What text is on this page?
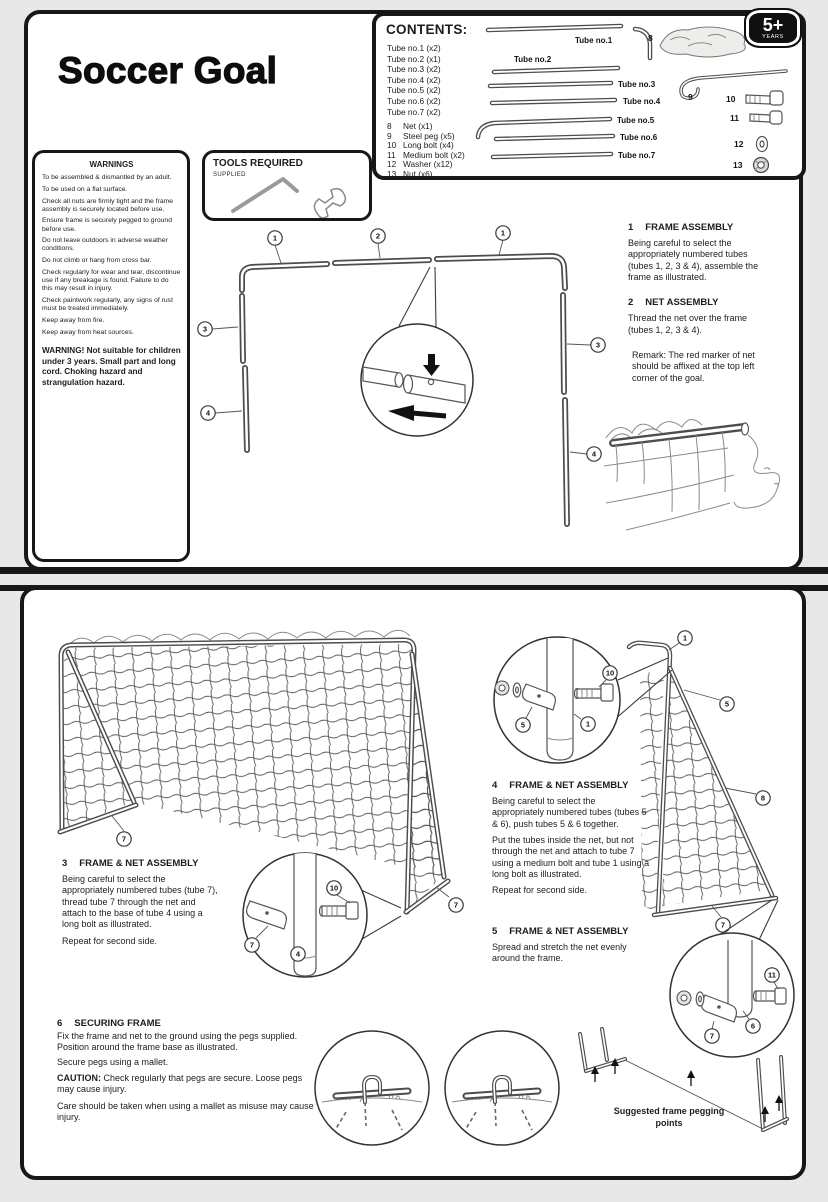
1	2	1
3
4
3
4
Soccer Goal
WARNINGS

To be assembled & dismantled by an adult.

To be used on a flat surface.

Check all nuts are firmly tight and the frame assembly is securely located before use.

Ensure frame is securely pegged to ground before use.

Do not leave outdoors in adverse weather conditions.

Do not climb or hang from cross bar.

Check regularly for wear and tear, discontinue use if any breakage is found. Failure to do this may result in injury.

Check paintwork regularly, any signs of rust must be treated immediately.

Keep away from fire.

Keep away from heat sources.

WARNING! Not suitable for children under 3 years. Small part and long cord. Choking hazard and strangulation hazard.

TOOLS REQUIRED
SUPPLIED
1 FRAME ASSEMBLY

Being careful to select the appropriately numbered tubes (tubes 1, 2, 3 & 4), assemble the frame as illustrated.

2 NET ASSEMBLY

Thread the net over the frame (tubes 1, 2, 3 & 4).

Remark: The red marker of net should be affixed at the top left corner of the goal.

CONTENTS:
Tube no.1 (x2)
Tube no.2 (x1)
Tube no.3 (x2)
Tube no.4 (x2)
Tube no.5 (x2)
Tube no.6 (x2)
Tube no.7 (x2)
8	Net (x1)
9	Steel peg (x5)
10 Long bolt (x4)
11 Medium bolt (x2)
12 Washer (x12)
13 Nut (x6)
Tube no.1
Tube no.2
Tube no.3
Tube no.4
Tube no.5
Tube no.6
Tube no.7
8
9	10
11
12
13
5+
YEARS
7
7
1
5
8
7
5	1
10
7
4
10
11
6
7
3 FRAME & NET ASSEMBLY

Being careful to select the appropriately numbered tubes (tube 7), thread tube 7 through the net and attach to the base of tube 4 using a long bolt as illustrated.

Repeat for second side.

4 FRAME & NET ASSEMBLY

Being careful to select the appropriately numbered tubes (tubes 5 & 6), push tubes 5 & 6 together.

Put the tubes inside the net, but not through the net and attach to tube 7 using a medium bolt and tube 1 using a long bolt as illustrated.

Repeat for second side.

5 FRAME & NET ASSEMBLY

Spread and stretch the net evenly around the frame.

6 SECURING FRAME

Fix the frame and net to the ground using the pegs supplied. Position around the frame base as illustrated.

Secure pegs using a mallet.

CAUTION: Check regularly that pegs are secure. Loose pegs may cause injury.

Care should be taken when using a mallet as misuse may cause injury.

Suggested frame pegging points
